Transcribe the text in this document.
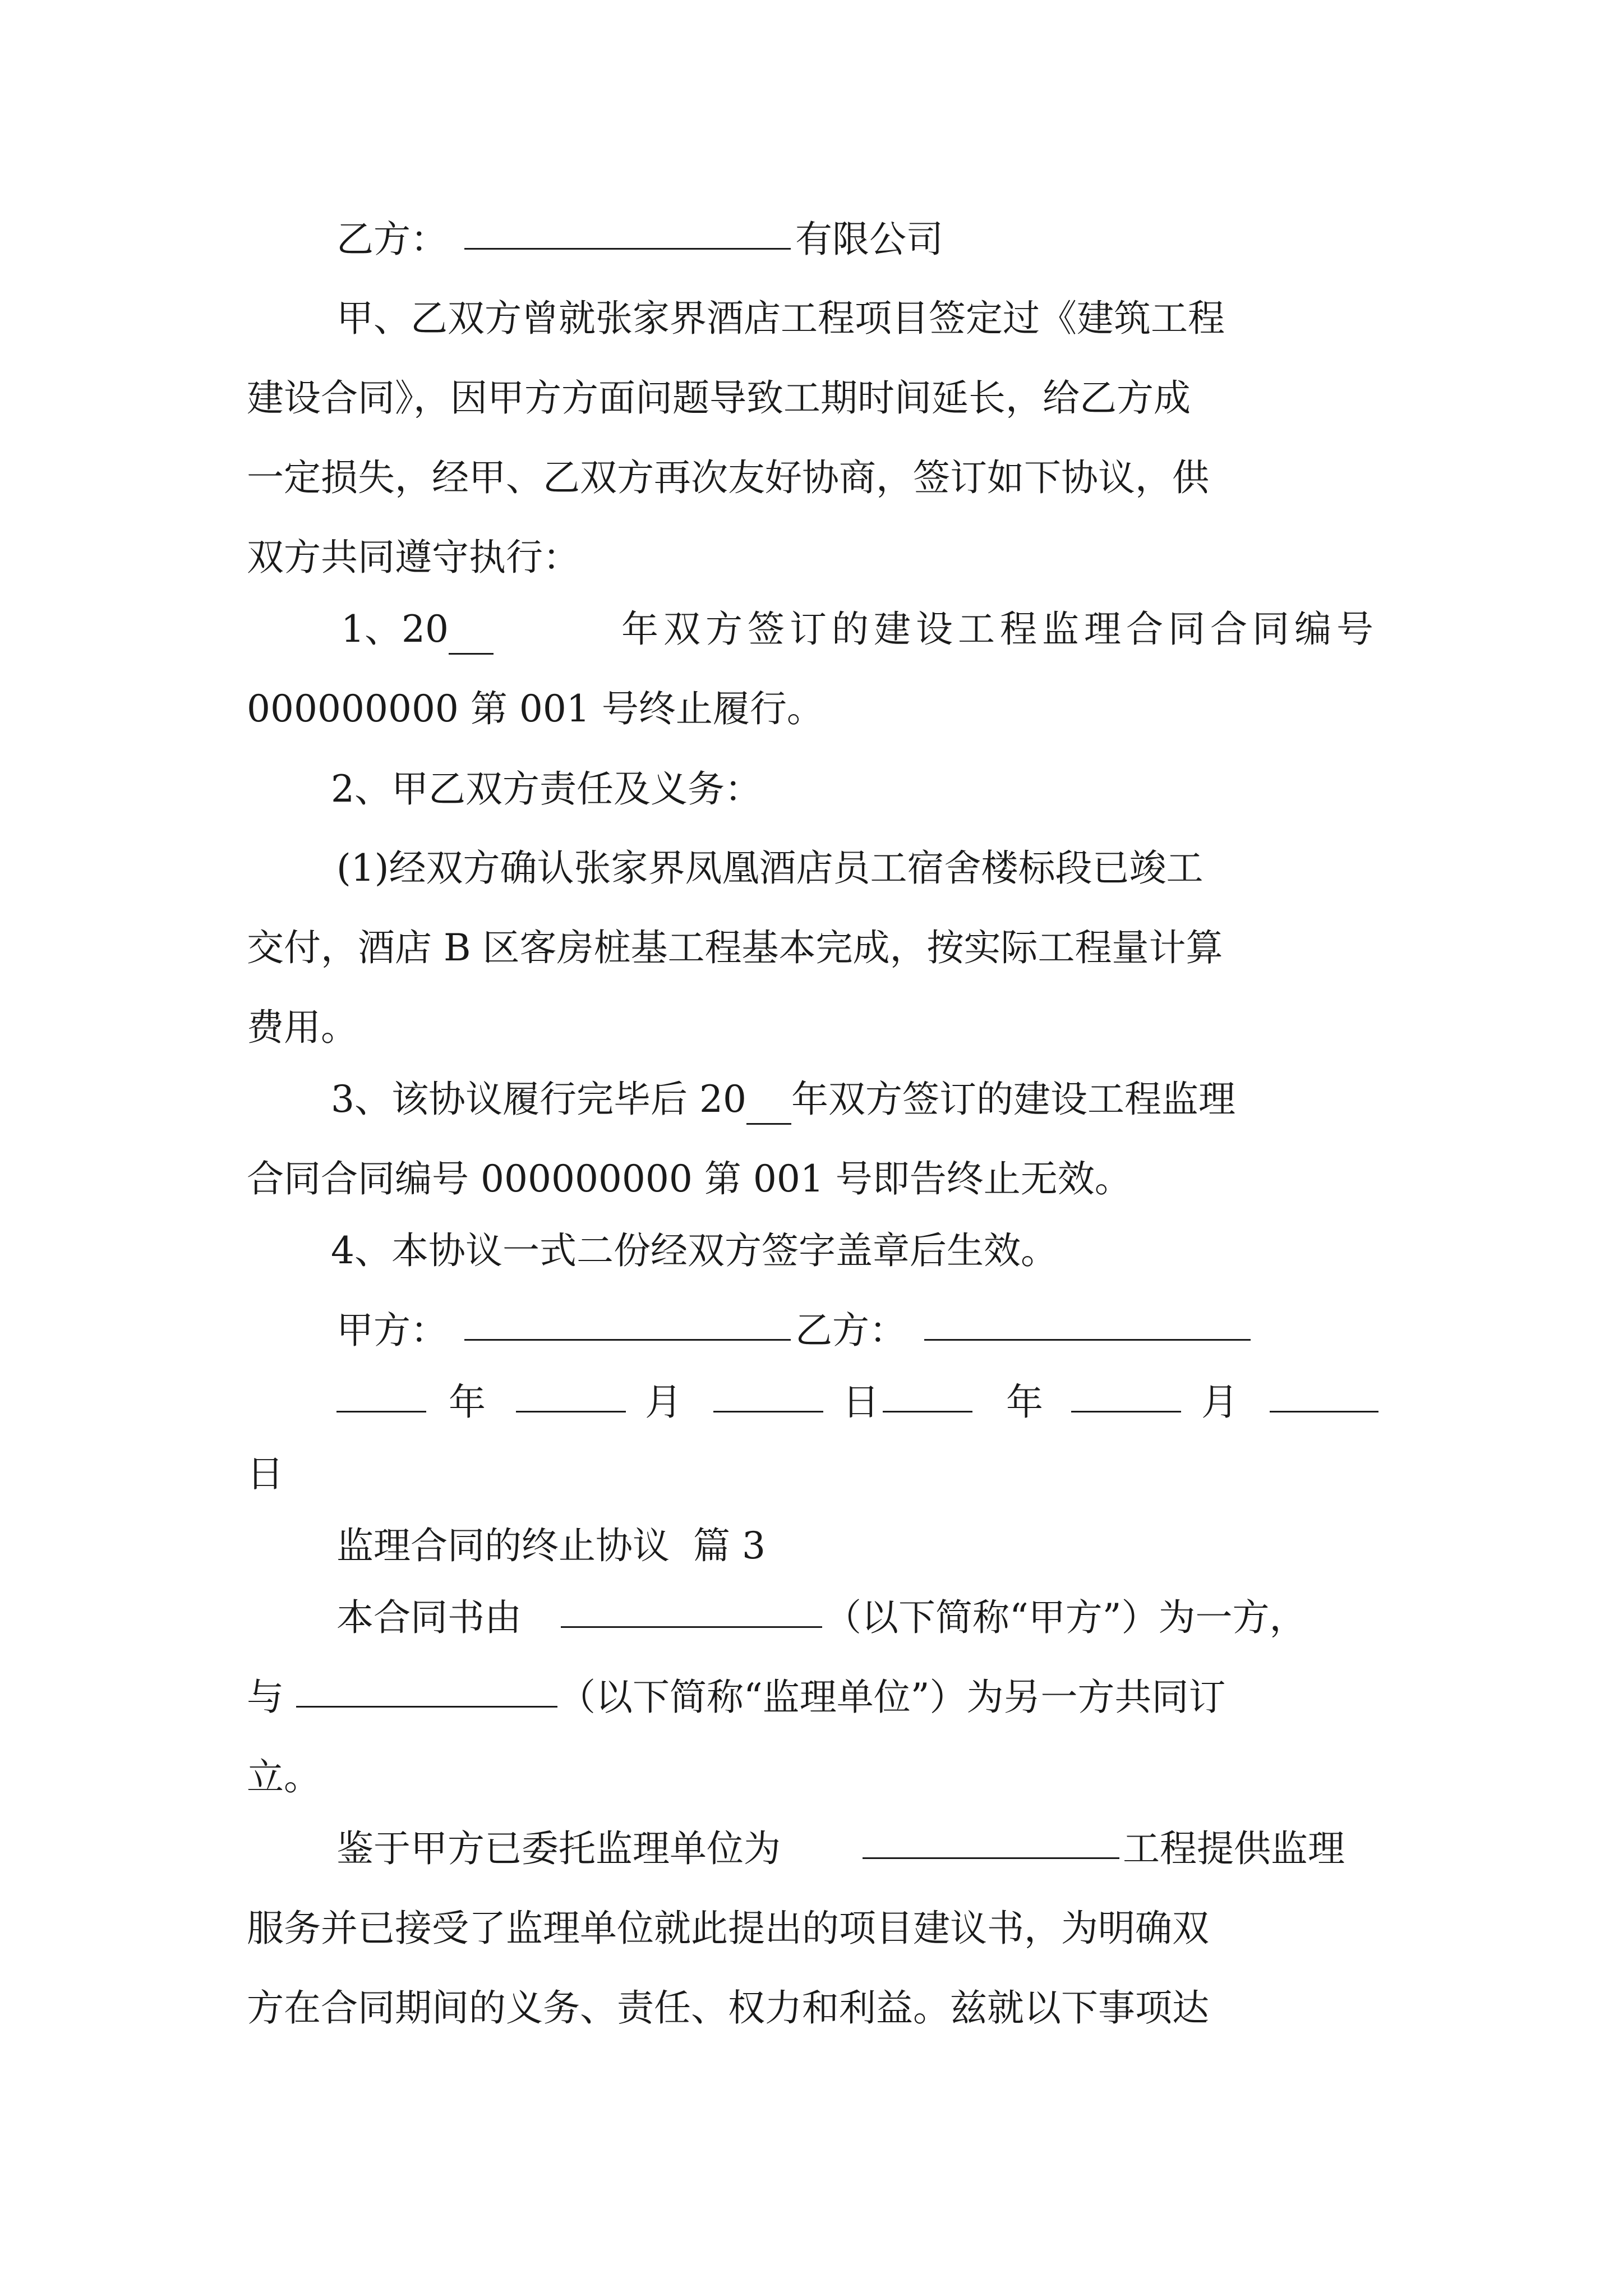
乙方：	有限公司
甲、乙双方曾就张家界酒店工程项目签定过《建筑工程
建设合同》，因甲方方面问题导致工期时间延长，给乙方成
一定损失，经甲、乙双方再次友好协商，签订如下协议，供
双方共同遵守执行：
1、20	年双方签订的建设工程监理合同合同编号
000000000 第 001 号终止履行。
2、甲乙双方责任及义务：
(1)经双方确认张家界凤凰酒店员工宿舍楼标段已竣工
交付，酒店 B 区客房桩基工程基本完成，按实际工程量计算
费用。
3、该协议履行完毕后 20 年双方签订的建设工程监理
合同合同编号 000000000 第 001 号即告终止无效。
4、本协议一式二份经双方签字盖章后生效。
甲方：	乙方：
年	月	日	年	月
日
监理合同的终止协议  篇 3
本合同书由	（以下简称“甲方”）为一方，
与	（以下简称“监理单位”）为另一方共同订
立。
鉴于甲方已委托监理单位为	工程提供监理
服务并已接受了监理单位就此提出的项目建议书，为明确双
方在合同期间的义务、责任、权力和利益。兹就以下事项达
